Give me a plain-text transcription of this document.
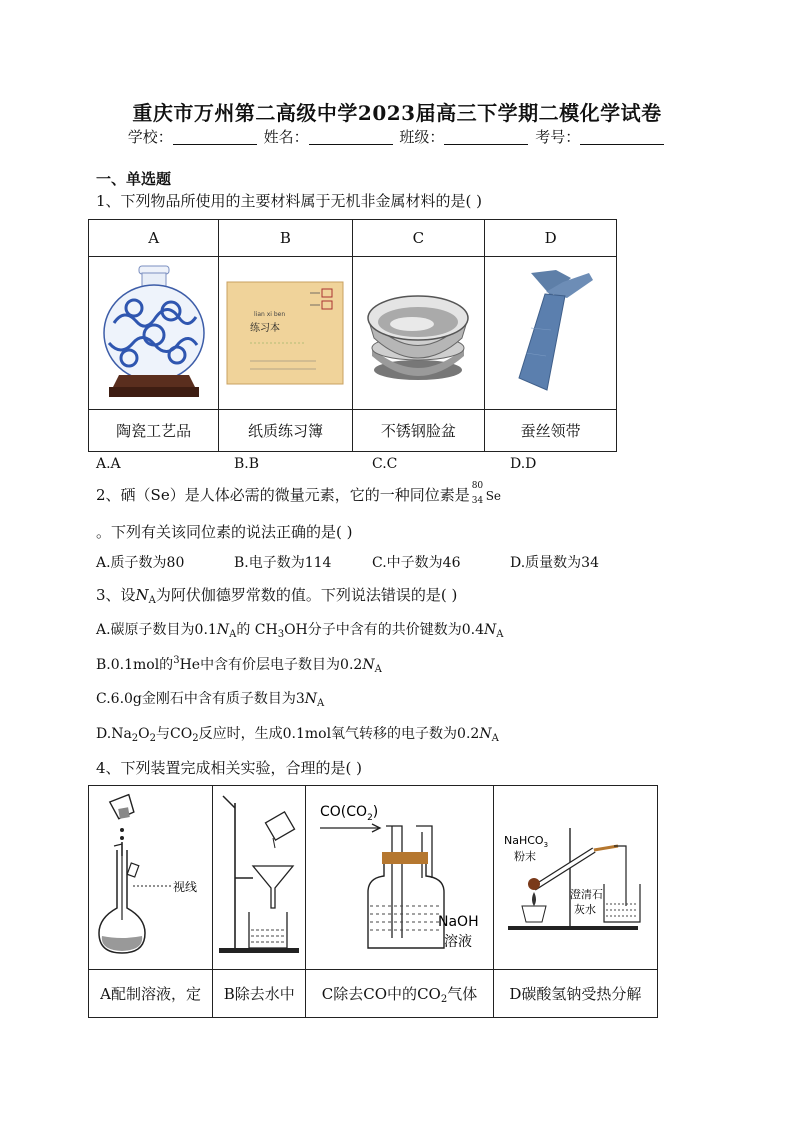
重庆市万州第二高级中学2023届高三下学期二模化学试卷
学校：	姓名：	班级：	考号：
一、单选题
1、下列物品所使用的主要材料属于无机非金属材料的是( )
A	B	C	D

lian xi ben
练习本

陶瓷工艺品	纸质练习簿	不锈钢脸盆	蚕丝领带
A.A	B.B	C.C	D.D
2、硒（Se）是人体必需的微量元素，它的一种同位素是 80
34 Se
。下列有关该同位素的说法正确的是( )
A.质子数为80	B.电子数为114	C.中子数为46	D.质量数为34
3、设$N_A$为阿伏伽德罗常数的值。下列说法错误的是( )
A.碳原子数目为$0.1N_A$的 $CH_3OH$分子中含有的共价键数为$0.4N_A$
B.0.1mol的$^3$He中含有价层电子数目为$0.2N_A$
C.6.0g金刚石中含有质子数目为$3N_A$
$D.Na_2O_2$与$CO_2$反应时，生成0.1mol氧气转移的电子数为$0.2N_A$
4、下列装置完成相关实验，合理的是( )
视线		$CO(CO_2)$
NaOH
溶液	NaHCO$_3$
粉末
澄清石
灰水

A配制溶液，定	B除去水中	C除去CO中的$CO_2$气体	D碳酸氢钠受热分解
